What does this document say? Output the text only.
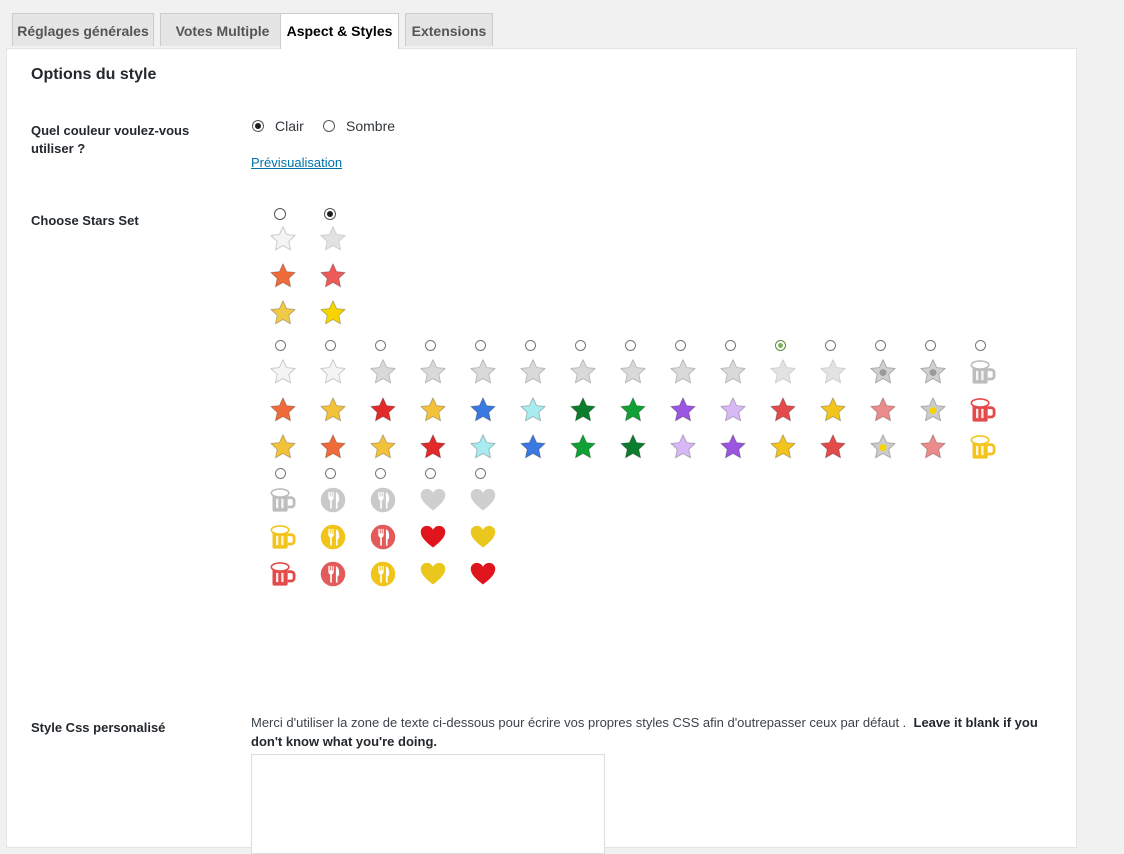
Réglages générales	Votes Multiple	Aspect & Styles	Extensions
Options du style
Quel couleur voulez-vous utiliser ?
Clair	Sombre
Prévisualisation
Choose Stars Set
Style Css personalisé	Merci d'utiliser la zone de texte ci-dessous pour écrire vos propres styles CSS afin d'outrepasser ceux par défaut . Leave it blank if you don't know what you're doing.
